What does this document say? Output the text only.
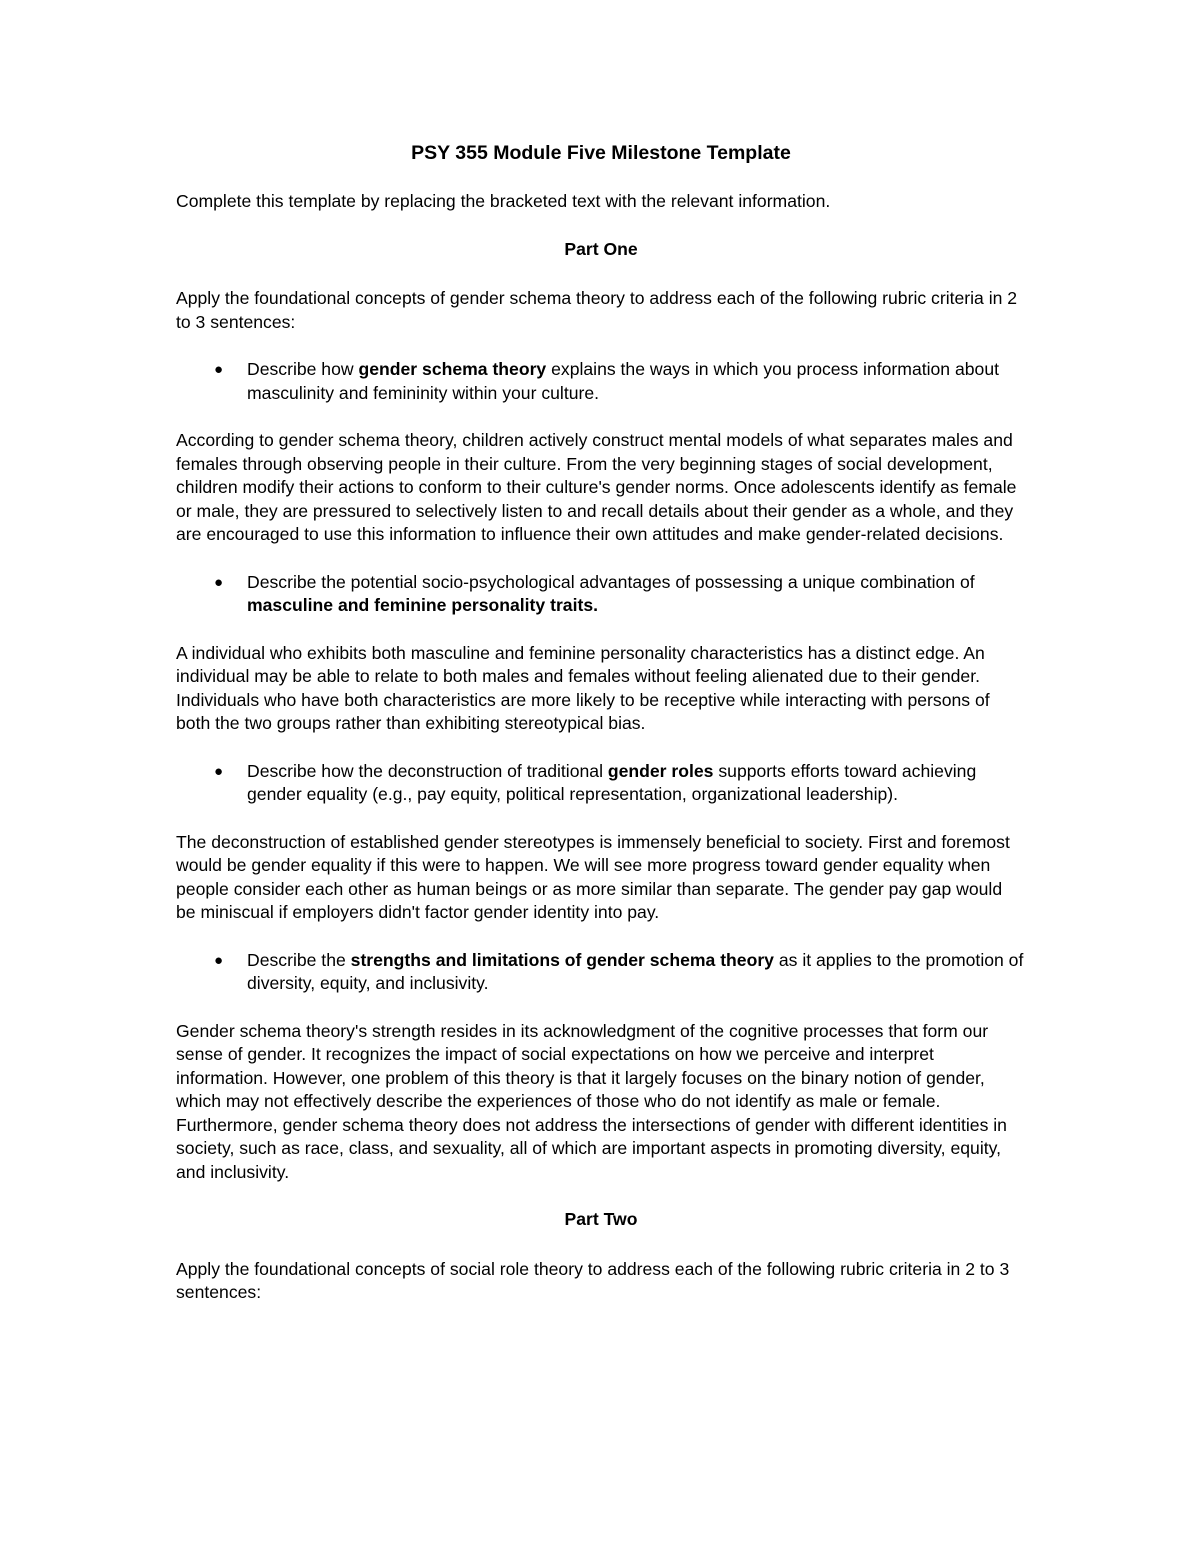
PSY 355 Module Five Milestone Template

Complete this template by replacing the bracketed text with the relevant information.

Part One

Apply the foundational concepts of gender schema theory to address each of the following rubric criteria in 2 to 3 sentences:

● Describe how gender schema theory explains the ways in which you process information about masculinity and femininity within your culture.

According to gender schema theory, children actively construct mental models of what separates males and females through observing people in their culture. From the very beginning stages of social development, children modify their actions to conform to their culture's gender norms. Once adolescents identify as female or male, they are pressured to selectively listen to and recall details about their gender as a whole, and they are encouraged to use this information to influence their own attitudes and make gender-related decisions.

● Describe the potential socio-psychological advantages of possessing a unique combination of masculine and feminine personality traits.

A individual who exhibits both masculine and feminine personality characteristics has a distinct edge. An individual may be able to relate to both males and females without feeling alienated due to their gender. Individuals who have both characteristics are more likely to be receptive while interacting with persons of both the two groups rather than exhibiting stereotypical bias.

● Describe how the deconstruction of traditional gender roles supports efforts toward achieving gender equality (e.g., pay equity, political representation, organizational leadership).

The deconstruction of established gender stereotypes is immensely beneficial to society. First and foremost would be gender equality if this were to happen. We will see more progress toward gender equality when people consider each other as human beings or as more similar than separate. The gender pay gap would be miniscual if employers didn't factor gender identity into pay.

● Describe the strengths and limitations of gender schema theory as it applies to the promotion of diversity, equity, and inclusivity.

Gender schema theory's strength resides in its acknowledgment of the cognitive processes that form our sense of gender. It recognizes the impact of social expectations on how we perceive and interpret information. However, one problem of this theory is that it largely focuses on the binary notion of gender, which may not effectively describe the experiences of those who do not identify as male or female. Furthermore, gender schema theory does not address the intersections of gender with different identities in society, such as race, class, and sexuality, all of which are important aspects in promoting diversity, equity, and inclusivity.

Part Two

Apply the foundational concepts of social role theory to address each of the following rubric criteria in 2 to 3 sentences:
